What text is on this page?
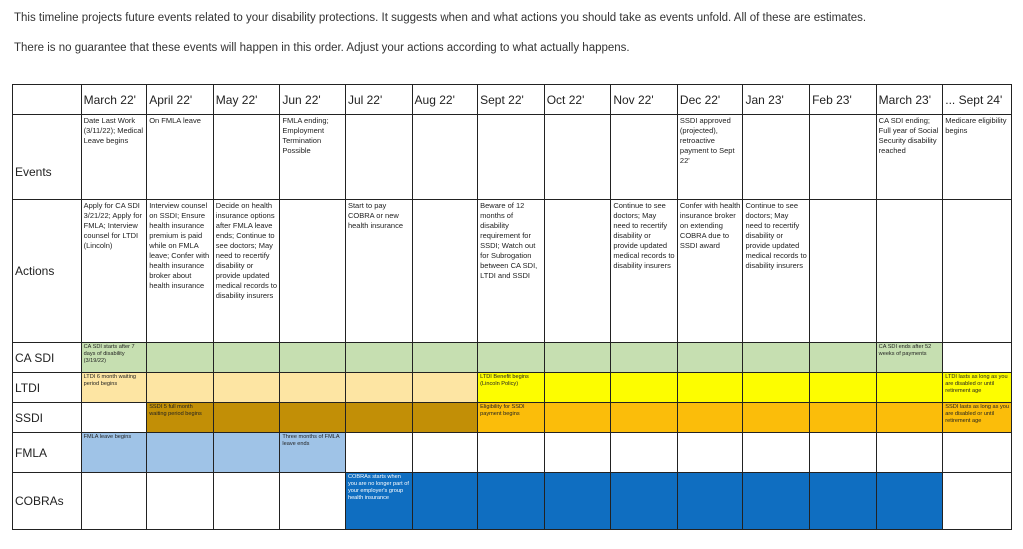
This timeline projects future events related to your disability protections. It suggests when and what actions you should take as events unfold. All of these are estimates.
There is no guarantee that these events will happen in this order. Adjust your actions according to what actually happens.
	March 22'	April 22'	May 22'	Jun 22'	Jul 22'	Aug 22'	Sept 22'	Oct 22'	Nov 22'	Dec 22'	Jan 23'	Feb 23'	March 23'	... Sept 24'
Events	Date Last Work (3/11/22); Medical Leave begins	On FMLA leave		FMLA ending; Employment Termination Possible						SSDI approved (projected), retroactive payment to Sept 22'			CA SDI ending; Full year of Social Security disability reached	Medicare eligibility begins
Actions	Apply for CA SDI 3/21/22; Apply for FMLA; Interview counsel for LTDI (Lincoln)	Interview counsel on SSDI; Ensure health insurance premium is paid while on FMLA leave; Confer with health insurance broker about health insurance	Decide on health insurance options after FMLA leave ends; Continue to see doctors; May need to recertify disability or provide updated medical records to disability insurers		Start to pay COBRA or new health insurance		Beware of 12 months of disability requirement for SSDI; Watch out for Subrogation between CA SDI, LTDI and SSDI		Continue to see doctors; May need to recertify disability or provide updated medical records to disability insurers	Confer with health insurance broker on extending COBRA due to SSDI award	Continue to see doctors; May need to recertify disability or provide updated medical records to disability insurers			
CA SDI	CA SDI starts after 7 days of disability (3/19/22)												CA SDI ends after 52 weeks of payments	
LTDI	LTDI 6 month waiting period begins						LTDI Benefit begins (Lincoln Policy)							LTDI lasts as long as you are disabled or until retirement age
SSDI		SSDI 5 full month waiting period begins					Eligibility for SSDI payment begins							SSDI lasts as long as you are disabled or until retirement age
FMLA	FMLA leave begins			Three months of FMLA leave ends										
COBRAs					COBRAs starts when you are no longer part of your employer's group health insurance									
